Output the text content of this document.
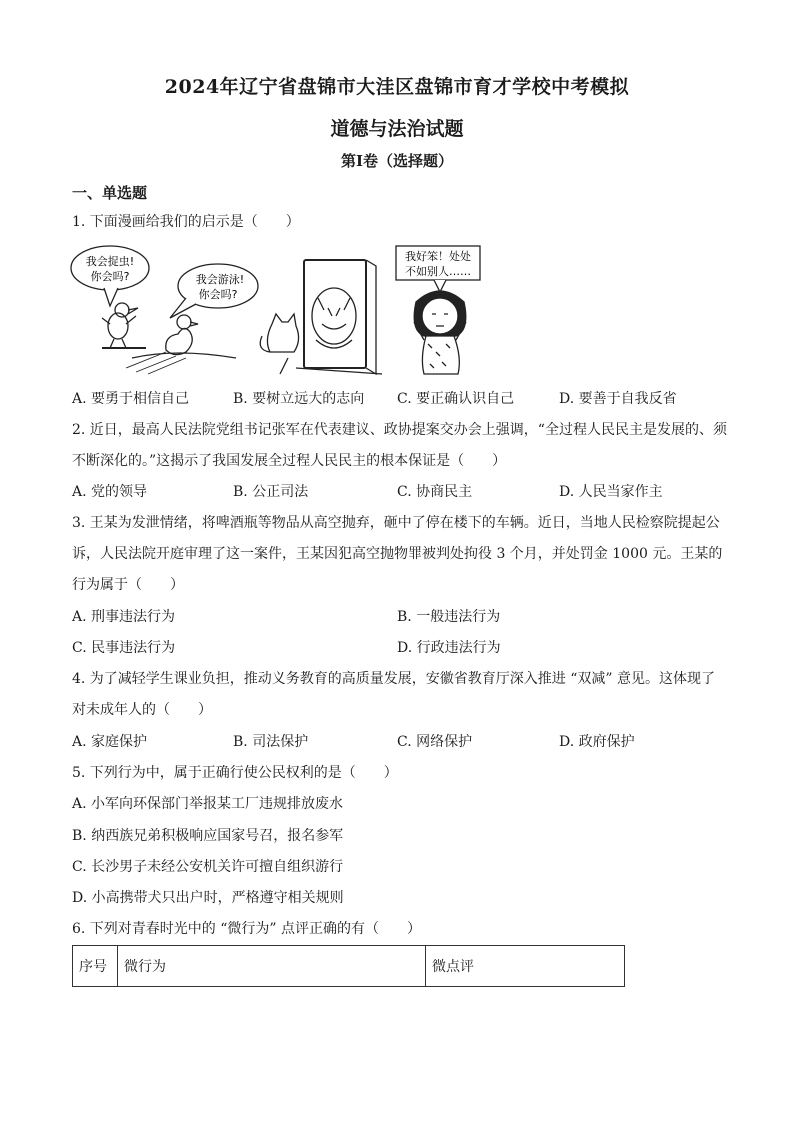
2024年辽宁省盘锦市大洼区盘锦市育才学校中考模拟
道德与法治试题
第I卷（选择题）
一、单选题
1. 下面漫画给我们的启示是（　　）
我会捉虫!
你会吗?	我会游泳!
你会吗?
我好笨！处处
不如别人……
A. 要勇于相信自己	B. 要树立远大的志向 C. 要正确认识自己	D. 要善于自我反省
2. 近日，最高人民法院党组书记张军在代表建议、政协提案交办会上强调，“全过程人民民主是发展的、须
不断深化的。”这揭示了我国发展全过程人民民主的根本保证是（　　）
A. 党的领导	B. 公正司法	C. 协商民主	D. 人民当家作主
3. 王某为发泄情绪，将啤酒瓶等物品从高空抛弃，砸中了停在楼下的车辆。近日，当地人民检察院提起公
诉，人民法院开庭审理了这一案件，王某因犯高空抛物罪被判处拘役 3 个月，并处罚金 1000 元。王某的
行为属于（　　）
A. 刑事违法行为	B. 一般违法行为
C. 民事违法行为	D. 行政违法行为
4. 为了减轻学生课业负担，推动义务教育的高质量发展，安徽省教育厅深入推进 “双减” 意见。这体现了
对未成年人的（　　）
A. 家庭保护	B. 司法保护	C. 网络保护	D. 政府保护
5. 下列行为中，属于正确行使公民权利的是（　　）
A. 小军向环保部门举报某工厂违规排放废水
B. 纳西族兄弟积极响应国家号召，报名参军
C. 长沙男子未经公安机关许可擅自组织游行
D. 小高携带犬只出户时，严格遵守相关规则
6. 下列对青春时光中的 “微行为” 点评正确的有（　　）
序号	微行为	微点评
